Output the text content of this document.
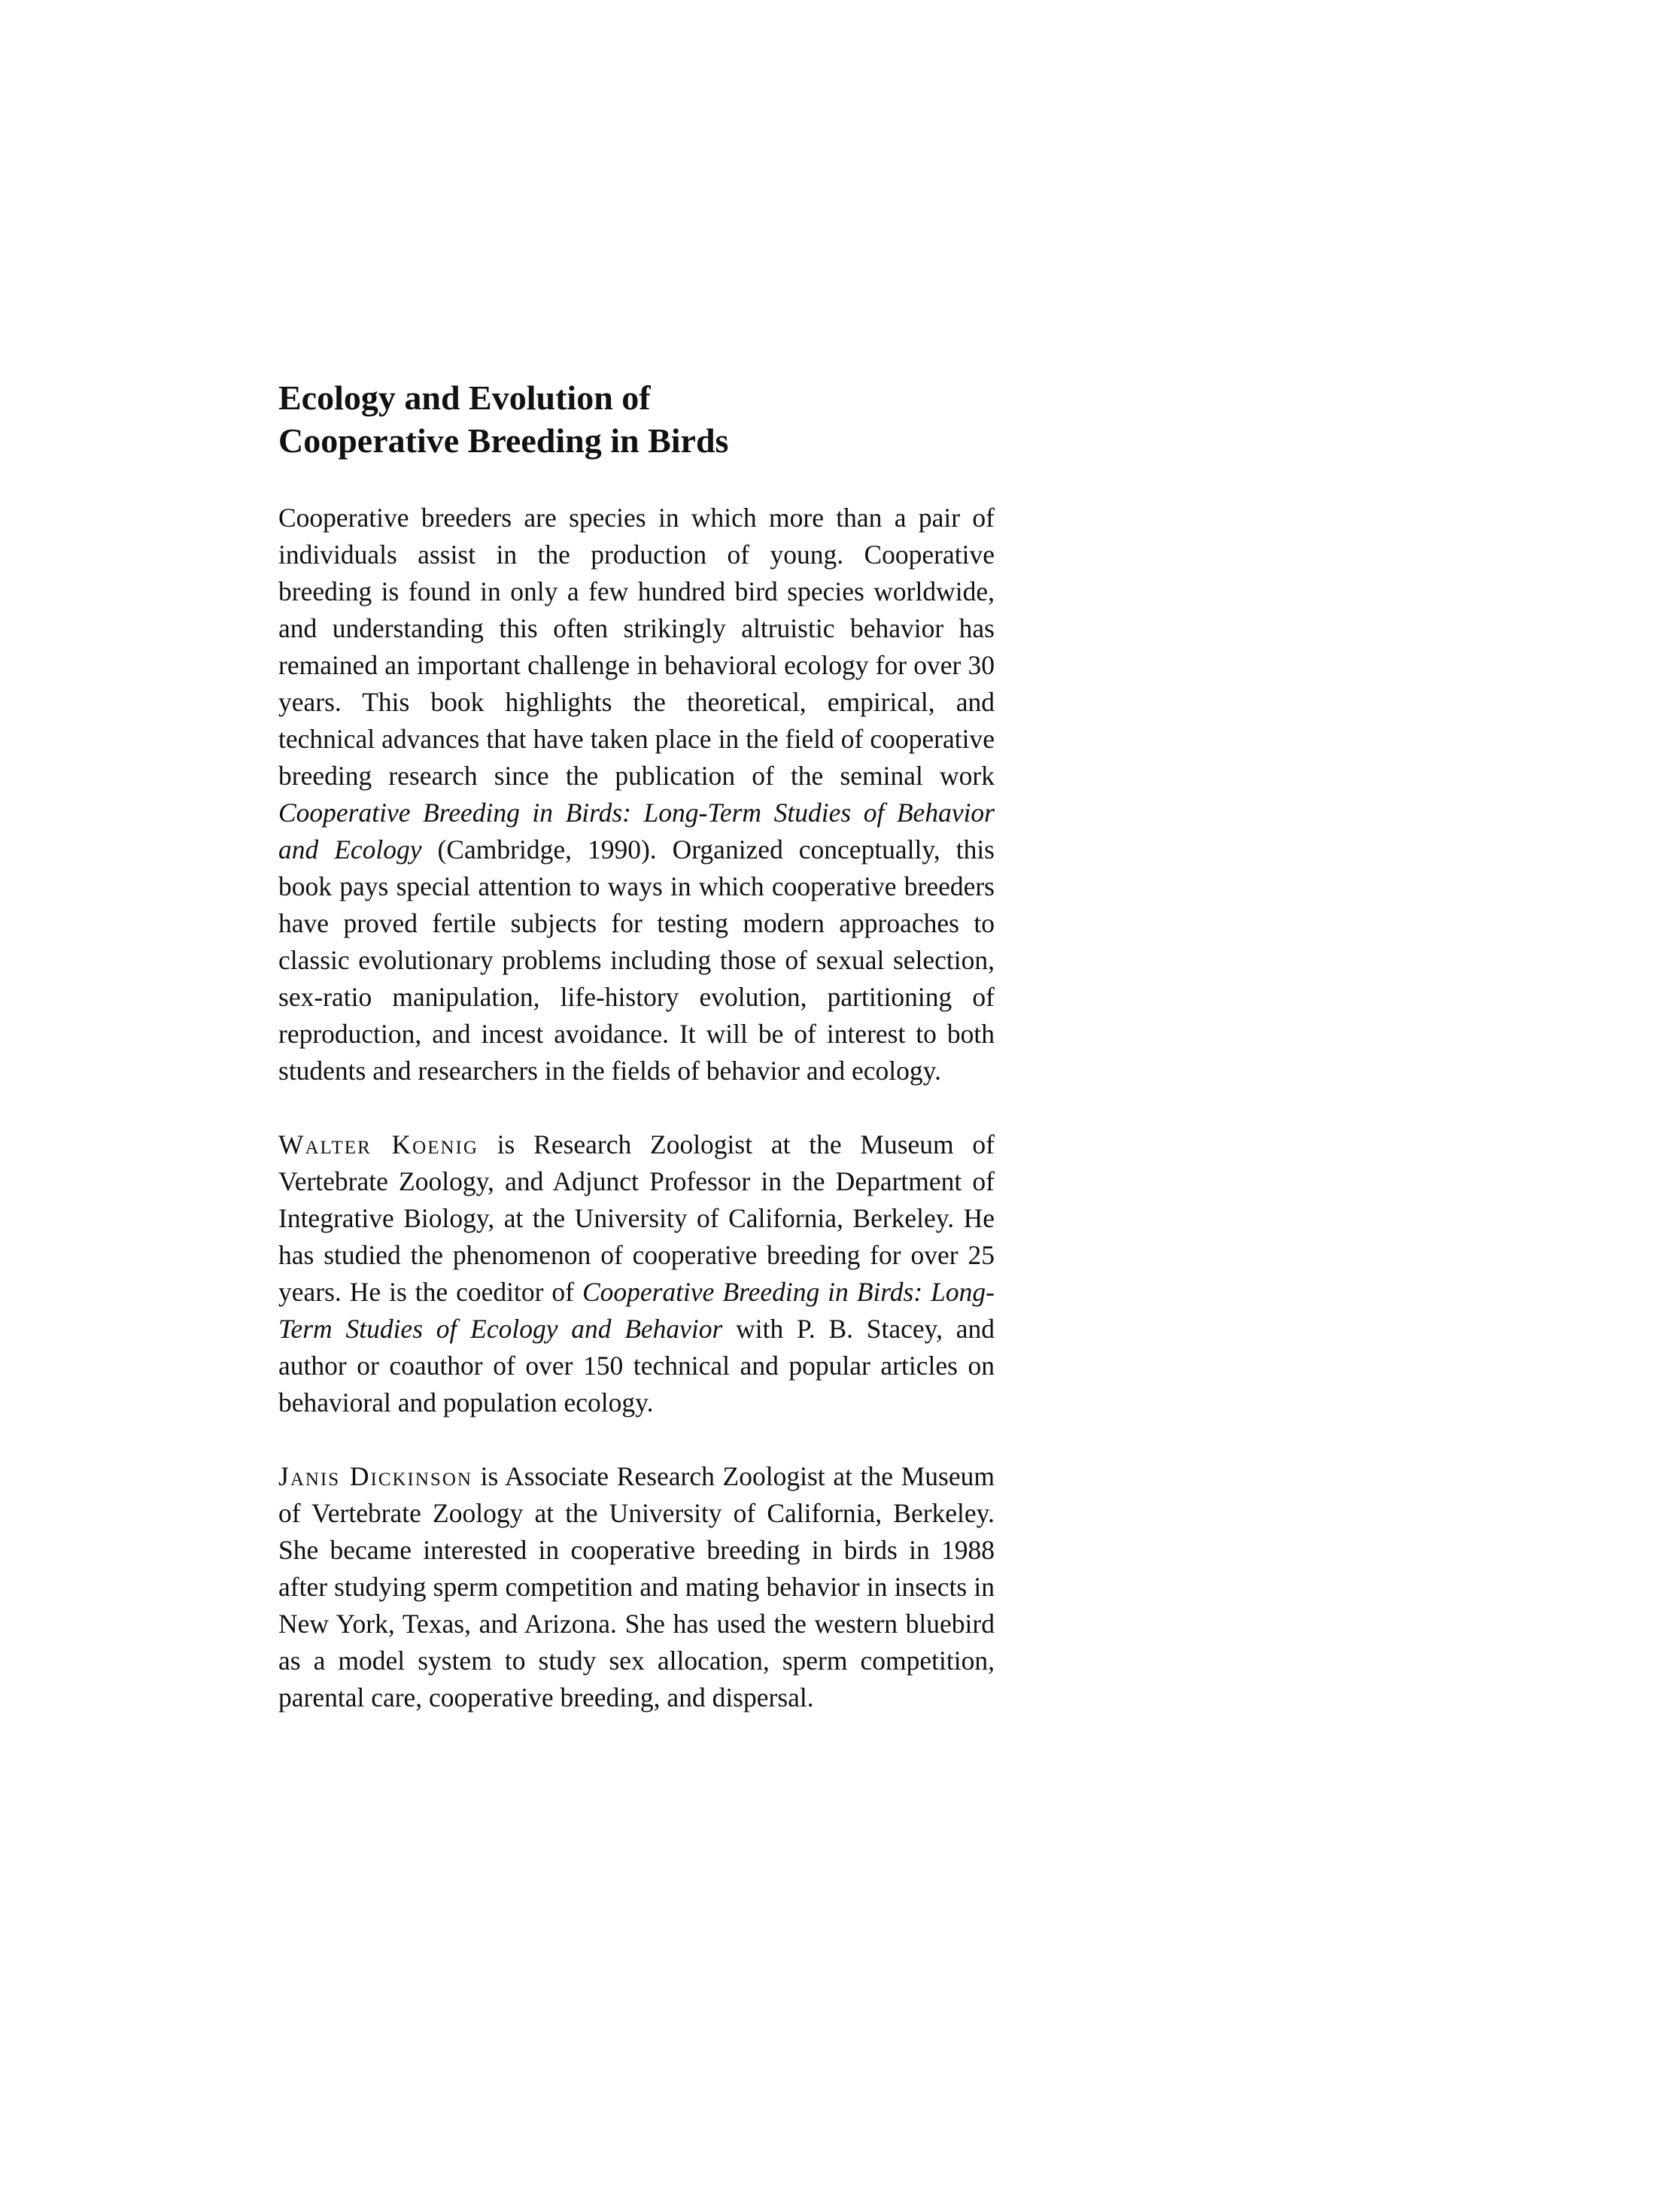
Ecology and Evolution of
Cooperative Breeding in Birds

Cooperative breeders are species in which more than a pair of individuals assist in the production of young. Cooperative breeding is found in only a few hundred bird species worldwide, and understanding this often strikingly altruistic behavior has remained an important challenge in behavioral ecology for over 30 years. This book highlights the theoretical, empirical, and technical advances that have taken place in the field of cooperative breeding research since the publication of the seminal work Cooperative Breeding in Birds: Long-Term Studies of Behavior and Ecology (Cambridge, 1990). Organized conceptually, this book pays special attention to ways in which cooperative breeders have proved fertile subjects for testing modern approaches to classic evolutionary problems including those of sexual selection, sex-ratio manipulation, life-history evolution, partitioning of reproduction, and incest avoidance. It will be of interest to both students and researchers in the fields of behavior and ecology.

Walter Koenig is Research Zoologist at the Museum of Vertebrate Zoology, and Adjunct Professor in the Department of Integrative Biology, at the University of California, Berkeley. He has studied the phenomenon of cooperative breeding for over 25 years. He is the coeditor of Cooperative Breeding in Birds: Long-Term Studies of Ecology and Behavior with P. B. Stacey, and author or coauthor of over 150 technical and popular articles on behavioral and population ecology.

Janis Dickinson is Associate Research Zoologist at the Museum of Vertebrate Zoology at the University of California, Berkeley. She became interested in cooperative breeding in birds in 1988 after studying sperm competition and mating behavior in insects in New York, Texas, and Arizona. She has used the western bluebird as a model system to study sex allocation, sperm competition, parental care, cooperative breeding, and dispersal.
